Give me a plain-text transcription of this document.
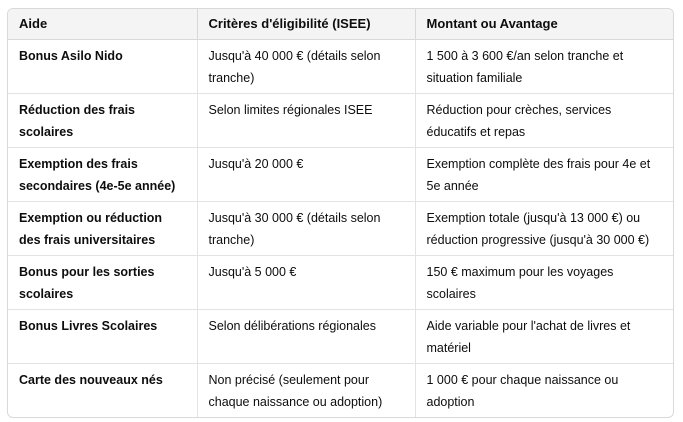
Aide	Critères d'éligibilité (ISEE)	Montant ou Avantage
Bonus Asilo Nido	Jusqu'à 40 000 € (détails selon tranche)	1 500 à 3 600 €/an selon tranche et situation familiale
Réduction des frais scolaires	Selon limites régionales ISEE	Réduction pour crèches, services éducatifs et repas
Exemption des frais secondaires (4e-5e année)	Jusqu'à 20 000 €	Exemption complète des frais pour 4e et 5e année
Exemption ou réduction des frais universitaires	Jusqu'à 30 000 € (détails selon tranche)	Exemption totale (jusqu'à 13 000 €) ou réduction progressive (jusqu'à 30 000 €)
Bonus pour les sorties scolaires	Jusqu'à 5 000 €	150 € maximum pour les voyages scolaires
Bonus Livres Scolaires	Selon délibérations régionales	Aide variable pour l'achat de livres et matériel
Carte des nouveaux nés	Non précisé (seulement pour chaque naissance ou adoption)	1 000 € pour chaque naissance ou adoption
